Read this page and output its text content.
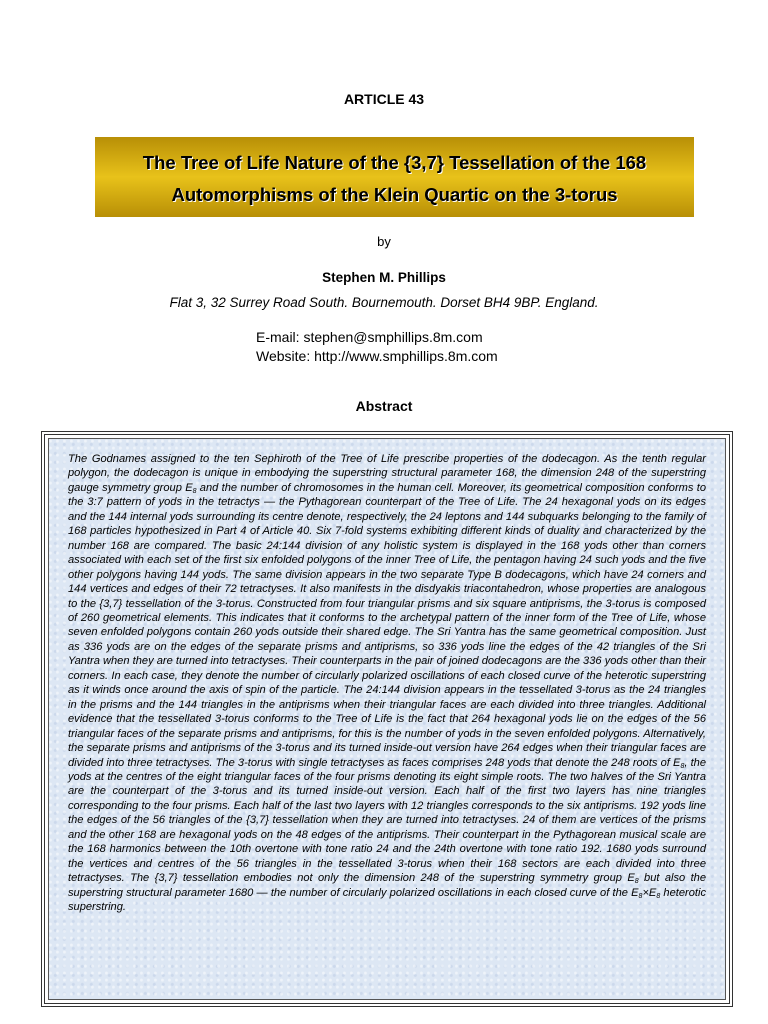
ARTICLE 43
The Tree of Life Nature of the {3,7} Tessellation of the 168
Automorphisms of the Klein Quartic on the 3-torus
by
Stephen M. Phillips
Flat 3, 32 Surrey Road South. Bournemouth. Dorset BH4 9BP. England.
E-mail: stephen@smphillips.8m.com
Website: http://www.smphillips.8m.com
Abstract

The Godnames assigned to the ten Sephiroth of the Tree of Life prescribe properties of the dodecagon. As the tenth regular polygon, the dodecagon is unique in embodying the superstring structural parameter 168, the dimension 248 of the superstring gauge symmetry group $E_8$ and the number of chromosomes in the human cell. Moreover, its geometrical composition conforms to the 3:7 pattern of yods in the tetractys — the Pythagorean counterpart of the Tree of Life. The 24 hexagonal yods on its edges and the 144 internal yods surrounding its centre denote, respectively, the 24 leptons and 144 subquarks belonging to the family of 168 particles hypothesized in Part 4 of Article 40. Six 7-fold systems exhibiting different kinds of duality and characterized by the number 168 are compared. The basic 24:144 division of any holistic system is displayed in the 168 yods other than corners associated with each set of the first six enfolded polygons of the inner Tree of Life, the pentagon having 24 such yods and the five other polygons having 144 yods. The same division appears in the two separate Type B dodecagons, which have 24 corners and 144 vertices and edges of their 72 tetractyses. It also manifests in the disdyakis triacontahedron, whose properties are analogous to the {3,7} tessellation of the 3-torus. Constructed from four triangular prisms and six square antiprisms, the 3-torus is composed of 260 geometrical elements. This indicates that it conforms to the archetypal pattern of the inner form of the Tree of Life, whose seven enfolded polygons contain 260 yods outside their shared edge. The Sri Yantra has the same geometrical composition. Just as 336 yods are on the edges of the separate prisms and antiprisms, so 336 yods line the edges of the 42 triangles of the Sri Yantra when they are turned into tetractyses. Their counterparts in the pair of joined dodecagons are the 336 yods other than their corners. In each case, they denote the number of circularly polarized oscillations of each closed curve of the heterotic superstring as it winds once around the axis of spin of the particle. The 24:144 division appears in the tessellated 3-torus as the 24 triangles in the prisms and the 144 triangles in the antiprisms when their triangular faces are each divided into three triangles. Additional evidence that the tessellated 3-torus conforms to the Tree of Life is the fact that 264 hexagonal yods lie on the edges of the 56 triangular faces of the separate prisms and antiprisms, for this is the number of yods in the seven enfolded polygons. Alternatively, the separate prisms and antiprisms of the 3-torus and its turned inside-out version have 264 edges when their triangular faces are divided into three tetractyses. The 3-torus with single tetractyses as faces comprises 248 yods that denote the 248 roots of $E_8$, the yods at the centres of the eight triangular faces of the four prisms denoting its eight simple roots. The two halves of the Sri Yantra are the counterpart of the 3-torus and its turned inside-out version. Each half of the first two layers has nine triangles corresponding to the four prisms. Each half of the last two layers with 12 triangles corresponds to the six antiprisms. 192 yods line the edges of the 56 triangles of the {3,7} tessellation when they are turned into tetractyses. 24 of them are vertices of the prisms and the other 168 are hexagonal yods on the 48 edges of the antiprisms. Their counterpart in the Pythagorean musical scale are the 168 harmonics between the 10th overtone with tone ratio 24 and the 24th overtone with tone ratio 192. 1680 yods surround the vertices and centres of the 56 triangles in the tessellated 3-torus when their 168 sectors are each divided into three tetractyses. The {3,7} tessellation embodies not only the dimension 248 of the superstring symmetry group $E_8$ but also the superstring structural parameter 1680 — the number of circularly polarized oscillations in each closed curve of the $E_8\times E_8$ heterotic superstring.
